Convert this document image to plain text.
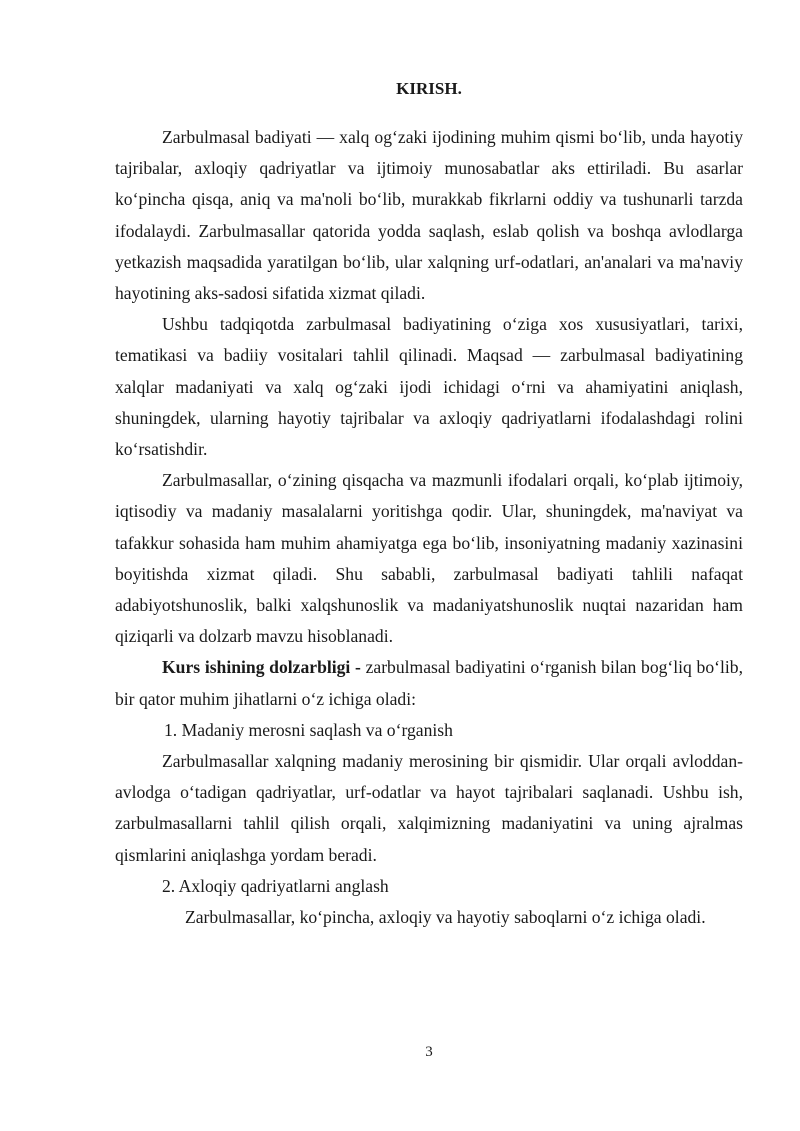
KIRISH.

Zarbulmasal badiyati — xalq og‘zaki ijodining muhim qismi bo‘lib, unda hayotiy tajribalar, axloqiy qadriyatlar va ijtimoiy munosabatlar aks ettiriladi. Bu asarlar ko‘pincha qisqa, aniq va ma'noli bo‘lib, murakkab fikrlarni oddiy va tushunarli tarzda ifodalaydi. Zarbulmasallar qatorida yodda saqlash, eslab qolish va boshqa avlodlarga yetkazish maqsadida yaratilgan bo‘lib, ular xalqning urf-odatlari, an'analari va ma'naviy hayotining aks-sadosi sifatida xizmat qiladi.

Ushbu tadqiqotda zarbulmasal badiyatining o‘ziga xos xususiyatlari, tarixi, tematikasi va badiiy vositalari tahlil qilinadi. Maqsad — zarbulmasal badiyatining xalqlar madaniyati va xalq og‘zaki ijodi ichidagi o‘rni va ahamiyatini aniqlash, shuningdek, ularning hayotiy tajribalar va axloqiy qadriyatlarni ifodalashdagi rolini ko‘rsatishdir.

Zarbulmasallar, o‘zining qisqacha va mazmunli ifodalari orqali, ko‘plab ijtimoiy, iqtisodiy va madaniy masalalarni yoritishga qodir. Ular, shuningdek, ma'naviyat va tafakkur sohasida ham muhim ahamiyatga ega bo‘lib, insoniyatning madaniy xazinasini boyitishda xizmat qiladi. Shu sababli, zarbulmasal badiyati tahlili nafaqat adabiyotshunoslik, balki xalqshunoslik va madaniyatshunoslik nuqtai nazaridan ham qiziqarli va dolzarb mavzu hisoblanadi.

Kurs ishining dolzarbligi - zarbulmasal badiyatini o‘rganish bilan bog‘liq bo‘lib, bir qator muhim jihatlarni o‘z ichiga oladi:

1. Madaniy merosni saqlash va o‘rganish

Zarbulmasallar xalqning madaniy merosining bir qismidir. Ular orqali avloddan-avlodga o‘tadigan qadriyatlar, urf-odatlar va hayot tajribalari saqlanadi. Ushbu ish, zarbulmasallarni tahlil qilish orqali, xalqimizning madaniyatini va uning ajralmas qismlarini aniqlashga yordam beradi.

2. Axloqiy qadriyatlarni anglash

Zarbulmasallar, ko‘pincha, axloqiy va hayotiy saboqlarni o‘z ichiga oladi.

3
